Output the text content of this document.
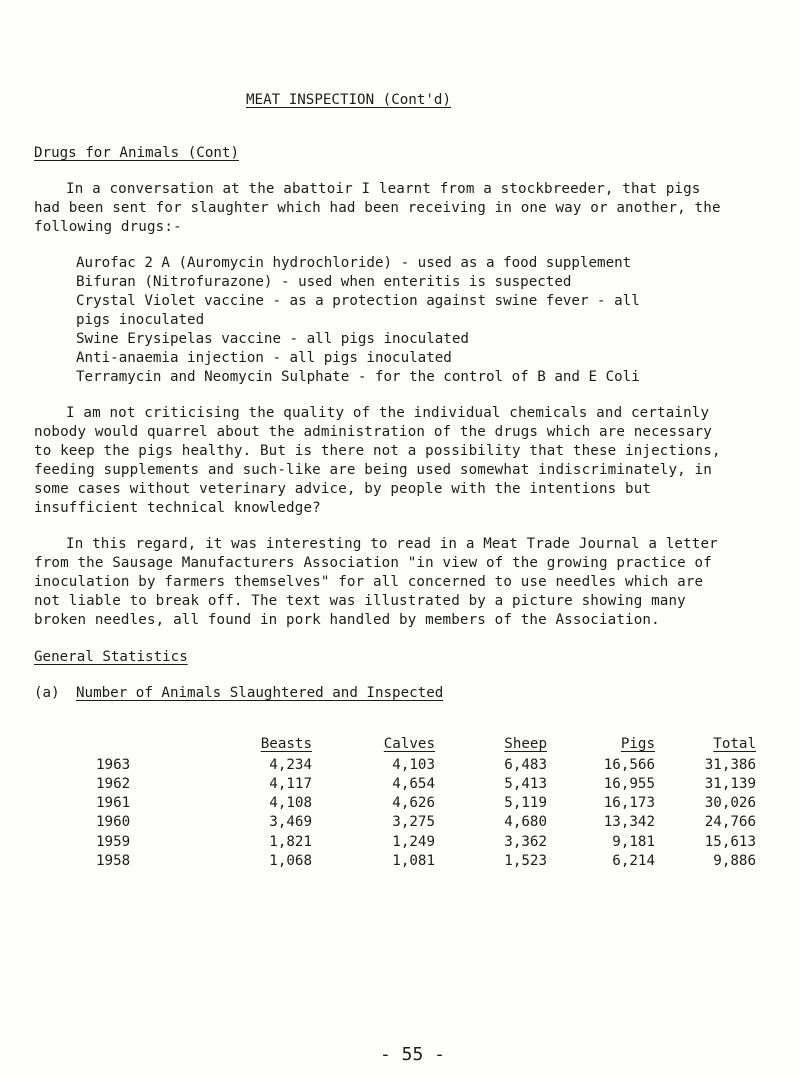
MEAT INSPECTION (Cont'd)
Drugs for Animals (Cont)
In a conversation at the abattoir I learnt from a stockbreeder, that pigs
had been sent for slaughter which had been receiving in one way or another, the
following drugs:-
Aurofac 2 A (Auromycin hydrochloride) - used as a food supplement
Bifuran (Nitrofurazone) - used when enteritis is suspected
Crystal Violet vaccine - as a protection against swine fever - all
pigs inoculated
Swine Erysipelas vaccine - all pigs inoculated
Anti-anaemia injection - all pigs inoculated
Terramycin and Neomycin Sulphate - for the control of B and E Coli
I am not criticising the quality of the individual chemicals and certainly
nobody would quarrel about the administration of the drugs which are necessary
to keep the pigs healthy. But is there not a possibility that these injections,
feeding supplements and such-like are being used somewhat indiscriminately, in
some cases without veterinary advice, by people with the intentions but
insufficient technical knowledge?
In this regard, it was interesting to read in a Meat Trade Journal a letter
from the Sausage Manufacturers Association "in view of the growing practice of
inoculation by farmers themselves" for all concerned to use needles which are
not liable to break off. The text was illustrated by a picture showing many
broken needles, all found in pork handled by members of the Association.
General Statistics
(a) Number of Animals Slaughtered and Inspected
	Beasts	Calves	Sheep	Pigs	Total
1963	4,234	4,103	6,483	16,566	31,386
1962	4,117	4,654	5,413	16,955	31,139
1961	4,108	4,626	5,119	16,173	30,026
1960	3,469	3,275	4,680	13,342	24,766
1959	1,821	1,249	3,362	9,181	15,613
1958	1,068	1,081	1,523	6,214	9,886
- 55 -
